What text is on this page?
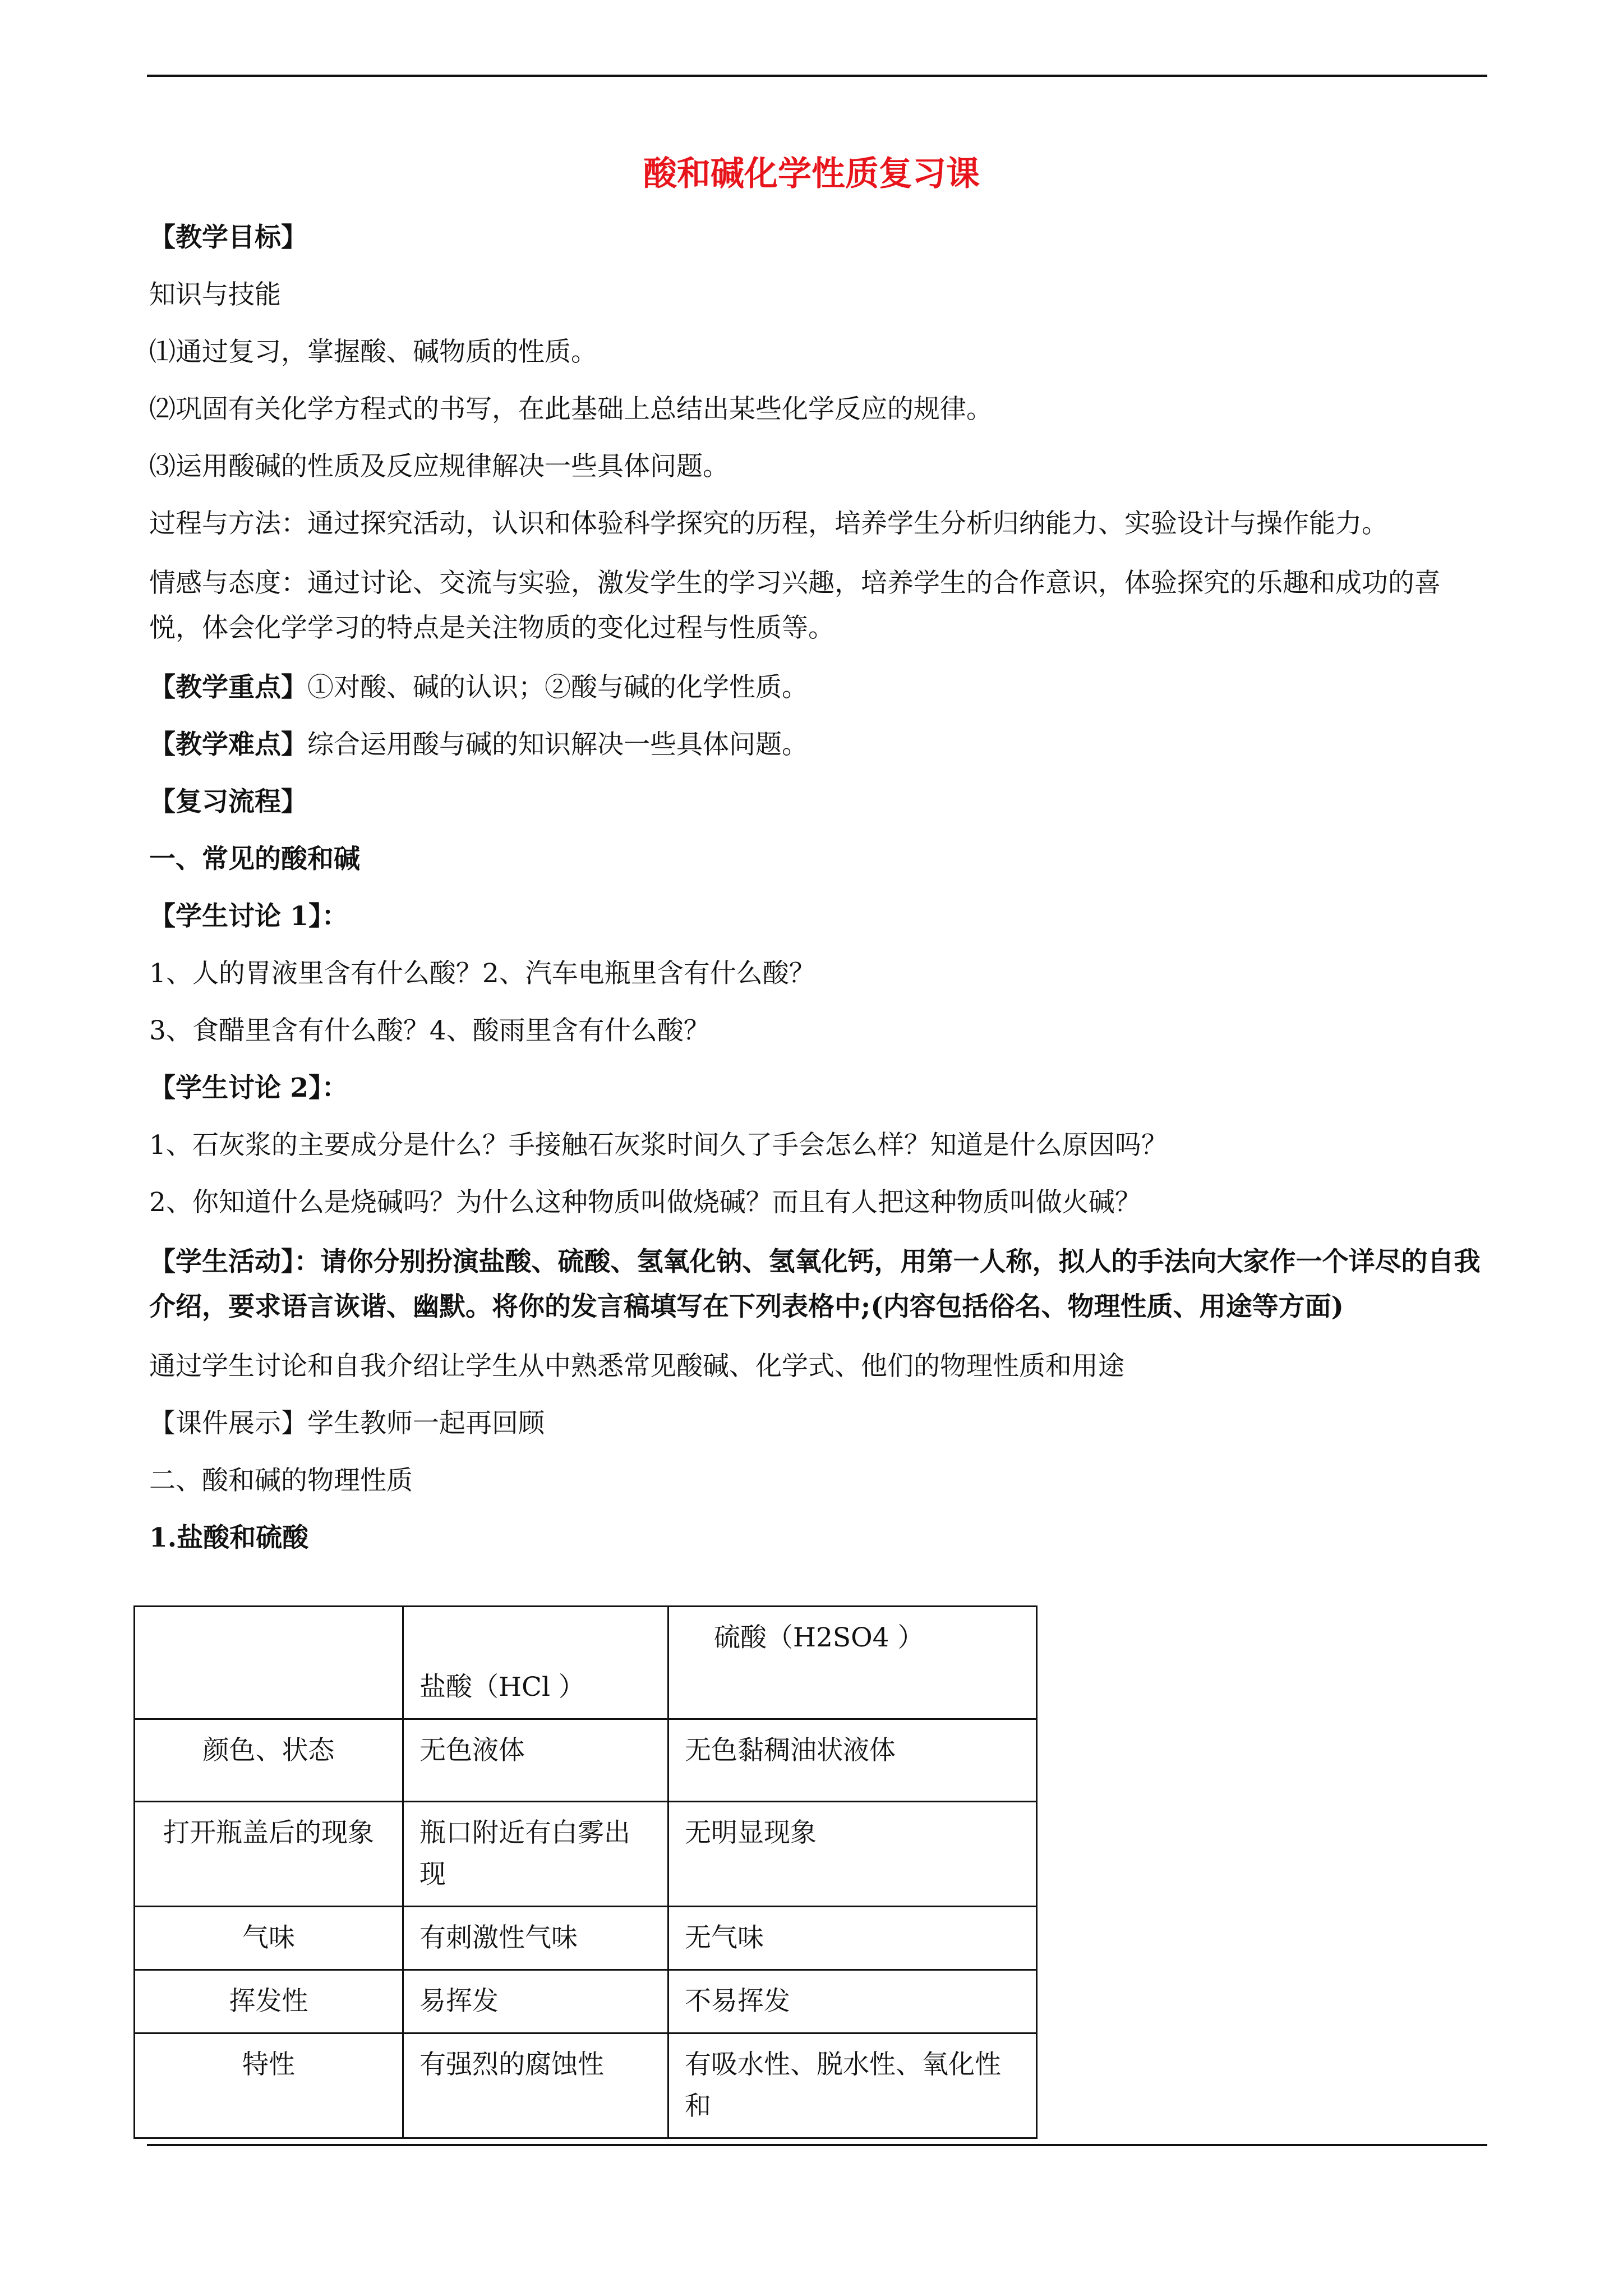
酸和碱化学性质复习课

【教学目标】

知识与技能

⑴通过复习，掌握酸、碱物质的性质。

⑵巩固有关化学方程式的书写，在此基础上总结出某些化学反应的规律。

⑶运用酸碱的性质及反应规律解决一些具体问题。

过程与方法：通过探究活动，认识和体验科学探究的历程，培养学生分析归纳能力、实验设计与操作能力。

情感与态度：通过讨论、交流与实验，激发学生的学习兴趣，培养学生的合作意识，体验探究的乐趣和成功的喜悦，体会化学学习的特点是关注物质的变化过程与性质等。

【教学重点】①对酸、碱的认识；②酸与碱的化学性质。

【教学难点】综合运用酸与碱的知识解决一些具体问题。

【复习流程】

一、常见的酸和碱

【学生讨论 1】：

1、人的胃液里含有什么酸？2、汽车电瓶里含有什么酸？

3、食醋里含有什么酸？4、酸雨里含有什么酸？

【学生讨论 2】：

1、石灰浆的主要成分是什么？手接触石灰浆时间久了手会怎么样？知道是什么原因吗？

2、你知道什么是烧碱吗？为什么这种物质叫做烧碱？而且有人把这种物质叫做火碱？

【学生活动】：请你分别扮演盐酸、硫酸、氢氧化钠、氢氧化钙，用第一人称，拟人的手法向大家作一个详尽的自我介绍，要求语言诙谐、幽默。将你的发言稿填写在下列表格中;(内容包括俗名、物理性质、用途等方面)

通过学生讨论和自我介绍让学生从中熟悉常见酸碱、化学式、他们的物理性质和用途

【课件展示】学生教师一起再回顾

二、酸和碱的物理性质

1.盐酸和硫酸

	盐酸（HCl ）	硫酸（H2SO4 ）

颜色、状态	无色液体	无色黏稠油状液体
打开瓶盖后的现象	瓶口附近有白雾出现	无明显现象
气味	有刺激性气味	无气味
挥发性	易挥发	不易挥发
特性	有强烈的腐蚀性	有吸水性、脱水性、氧化性和
